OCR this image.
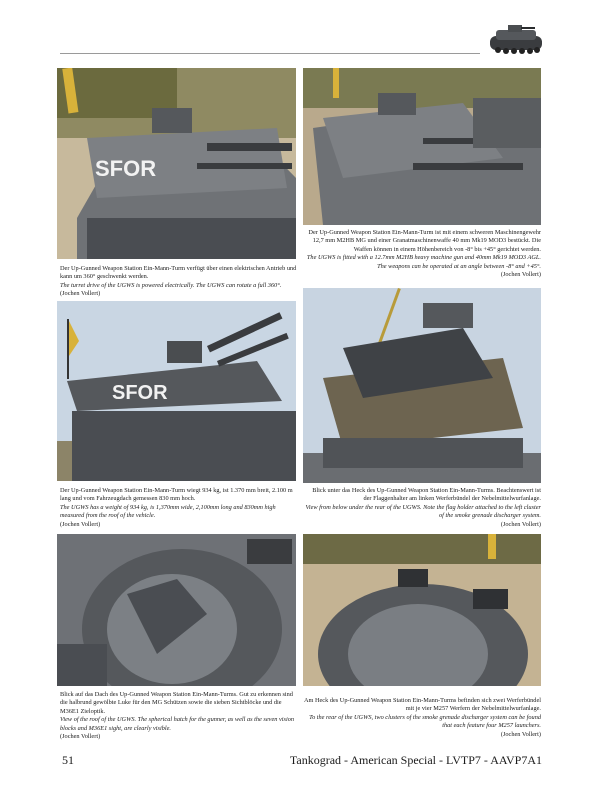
SFOR

Der Up-Gunned Weapon Station Ein-Mann-Turm verfügt über einen elektrischen Antrieb und kann um 360° geschwenkt werden.

The turret drive of the UGWS is powered electrically. The UGWS can rotate a full 360°.

(Jochen Vollert)

Der Up-Gunned Weapon Station Ein-Mann-Turm ist mit einem schweren Maschinengewehr 12,7 mm M2HB MG und einer Granatmaschinenwaffe 40 mm Mk19 MOD3 bestückt. Die Waffen können in einem Höhenbereich von -8° bis +45° gerichtet werden.

The UGWS is fitted with a 12.7mm M2HB heavy machine gun and 40mm Mk19 MOD3 AGL. The weapons can be operated at an angle between -8° and +45°.

(Jochen Vollert)

SFOR

Der Up-Gunned Weapon Station Ein-Mann-Turm wiegt 934 kg, ist 1.370 mm breit, 2.100 m lang und vom Fahrzeugdach gemessen 830 mm hoch.

The UGWS has a weight of 934 kg, is 1,370mm wide, 2,100mm long and 830mm high measured from the roof of the vehicle.

(Jochen Vollert)

Blick unter das Heck des Up-Gunned Weapon Station Ein-Mann-Turms. Beachtenswert ist der Flaggenhalter am linken Werferbündel der Nebelmittelwurfanlage.

View from below under the rear of the UGWS. Note the flag holder attached to the left cluster of the smoke grenade discharger system.

(Jochen Vollert)

Blick auf das Dach des Up-Gunned Weapon Station Ein-Mann-Turms. Gut zu erkennen sind die halbrund gewölbte Luke für den MG Schützen sowie die sieben Sichtblöcke und die M36E1 Zieloptik.

View of the roof of the UGWS. The spherical hatch for the gunner, as well as the seven vision blocks and M36E1 sight, are clearly visible.

(Jochen Vollert)

Am Heck des Up-Gunned Weapon Station Ein-Mann-Turms befinden sich zwei Werferbündel mit je vier M257 Werfern der Nebelmittelwurfanlage.

To the rear of the UGWS, two clusters of the smoke grenade discharger system can be found that each feature four M257 launchers.

(Jochen Vollert)

51	Tankograd - American Special - LVTP7 - AAVP7A1
